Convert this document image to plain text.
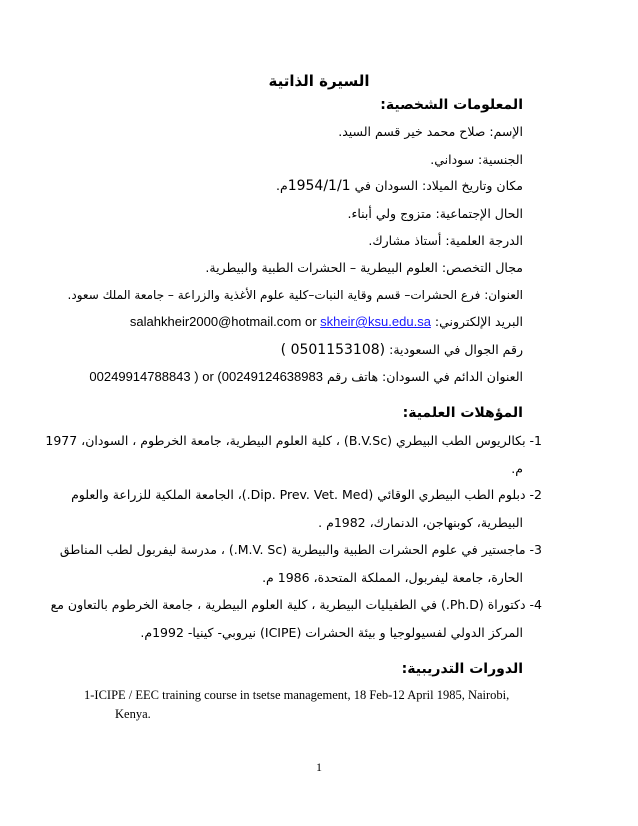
السيرة الذاتية
المعلومات الشخصية:
الإسم: صلاح محمد خير قسم السيد.
الجنسية: سوداني.
مكان وتاريخ الميلاد: السودان في 1954/1/1م.
الحال الإجتماعية: متزوج ولي أبناء.
الدرجة العلمية: أستاذ مشارك.
مجال التخصص: العلوم البيطرية – الحشرات الطبية والبيطرية.
العنوان: فرع الحشرات– قسم وقاية النبات–كلية علوم الأغذية والزراعة – جامعة الملك سعود.
البريد الإلكتروني: salahkheir2000@hotmail.com or skheir@ksu.edu.sa
رقم الجوال في السعودية: ( 0501153108)
العنوان الدائم في السودان: هاتف رقم 00249914788843 ) or (00249124638983
المؤهلات العلمية:
1- بكالريوس الطب البيطري (B.V.Sc) ، كلية العلوم البيطرية، جامعة الخرطوم ، السودان، 1977
م.
2- دبلوم الطب البيطري الوقائي (Dip. Prev. Vet. Med.)، الجامعة الملكية للزراعة والعلوم
البيطرية، كوبنهاجن، الدنمارك، 1982م .
3- ماجستير في علوم الحشرات الطبية والبيطرية (M.V. Sc.) ، مدرسة ليفربول لطب المناطق
الحارة، جامعة ليفربول، المملكة المتحدة، 1986 م.
4- دكتوراة (Ph.D.) في الطفيليات البيطرية ، كلية العلوم البيطرية ، جامعة الخرطوم بالتعاون مع
المركز الدولي لفسيولوجيا و بيئة الحشرات (ICIPE) نيروبي- كينيا- 1992م.
الدورات التدريبية:
1-ICIPE / EEC training course in tsetse management, 18 Feb-12 April 1985, Nairobi,
Kenya.
1
